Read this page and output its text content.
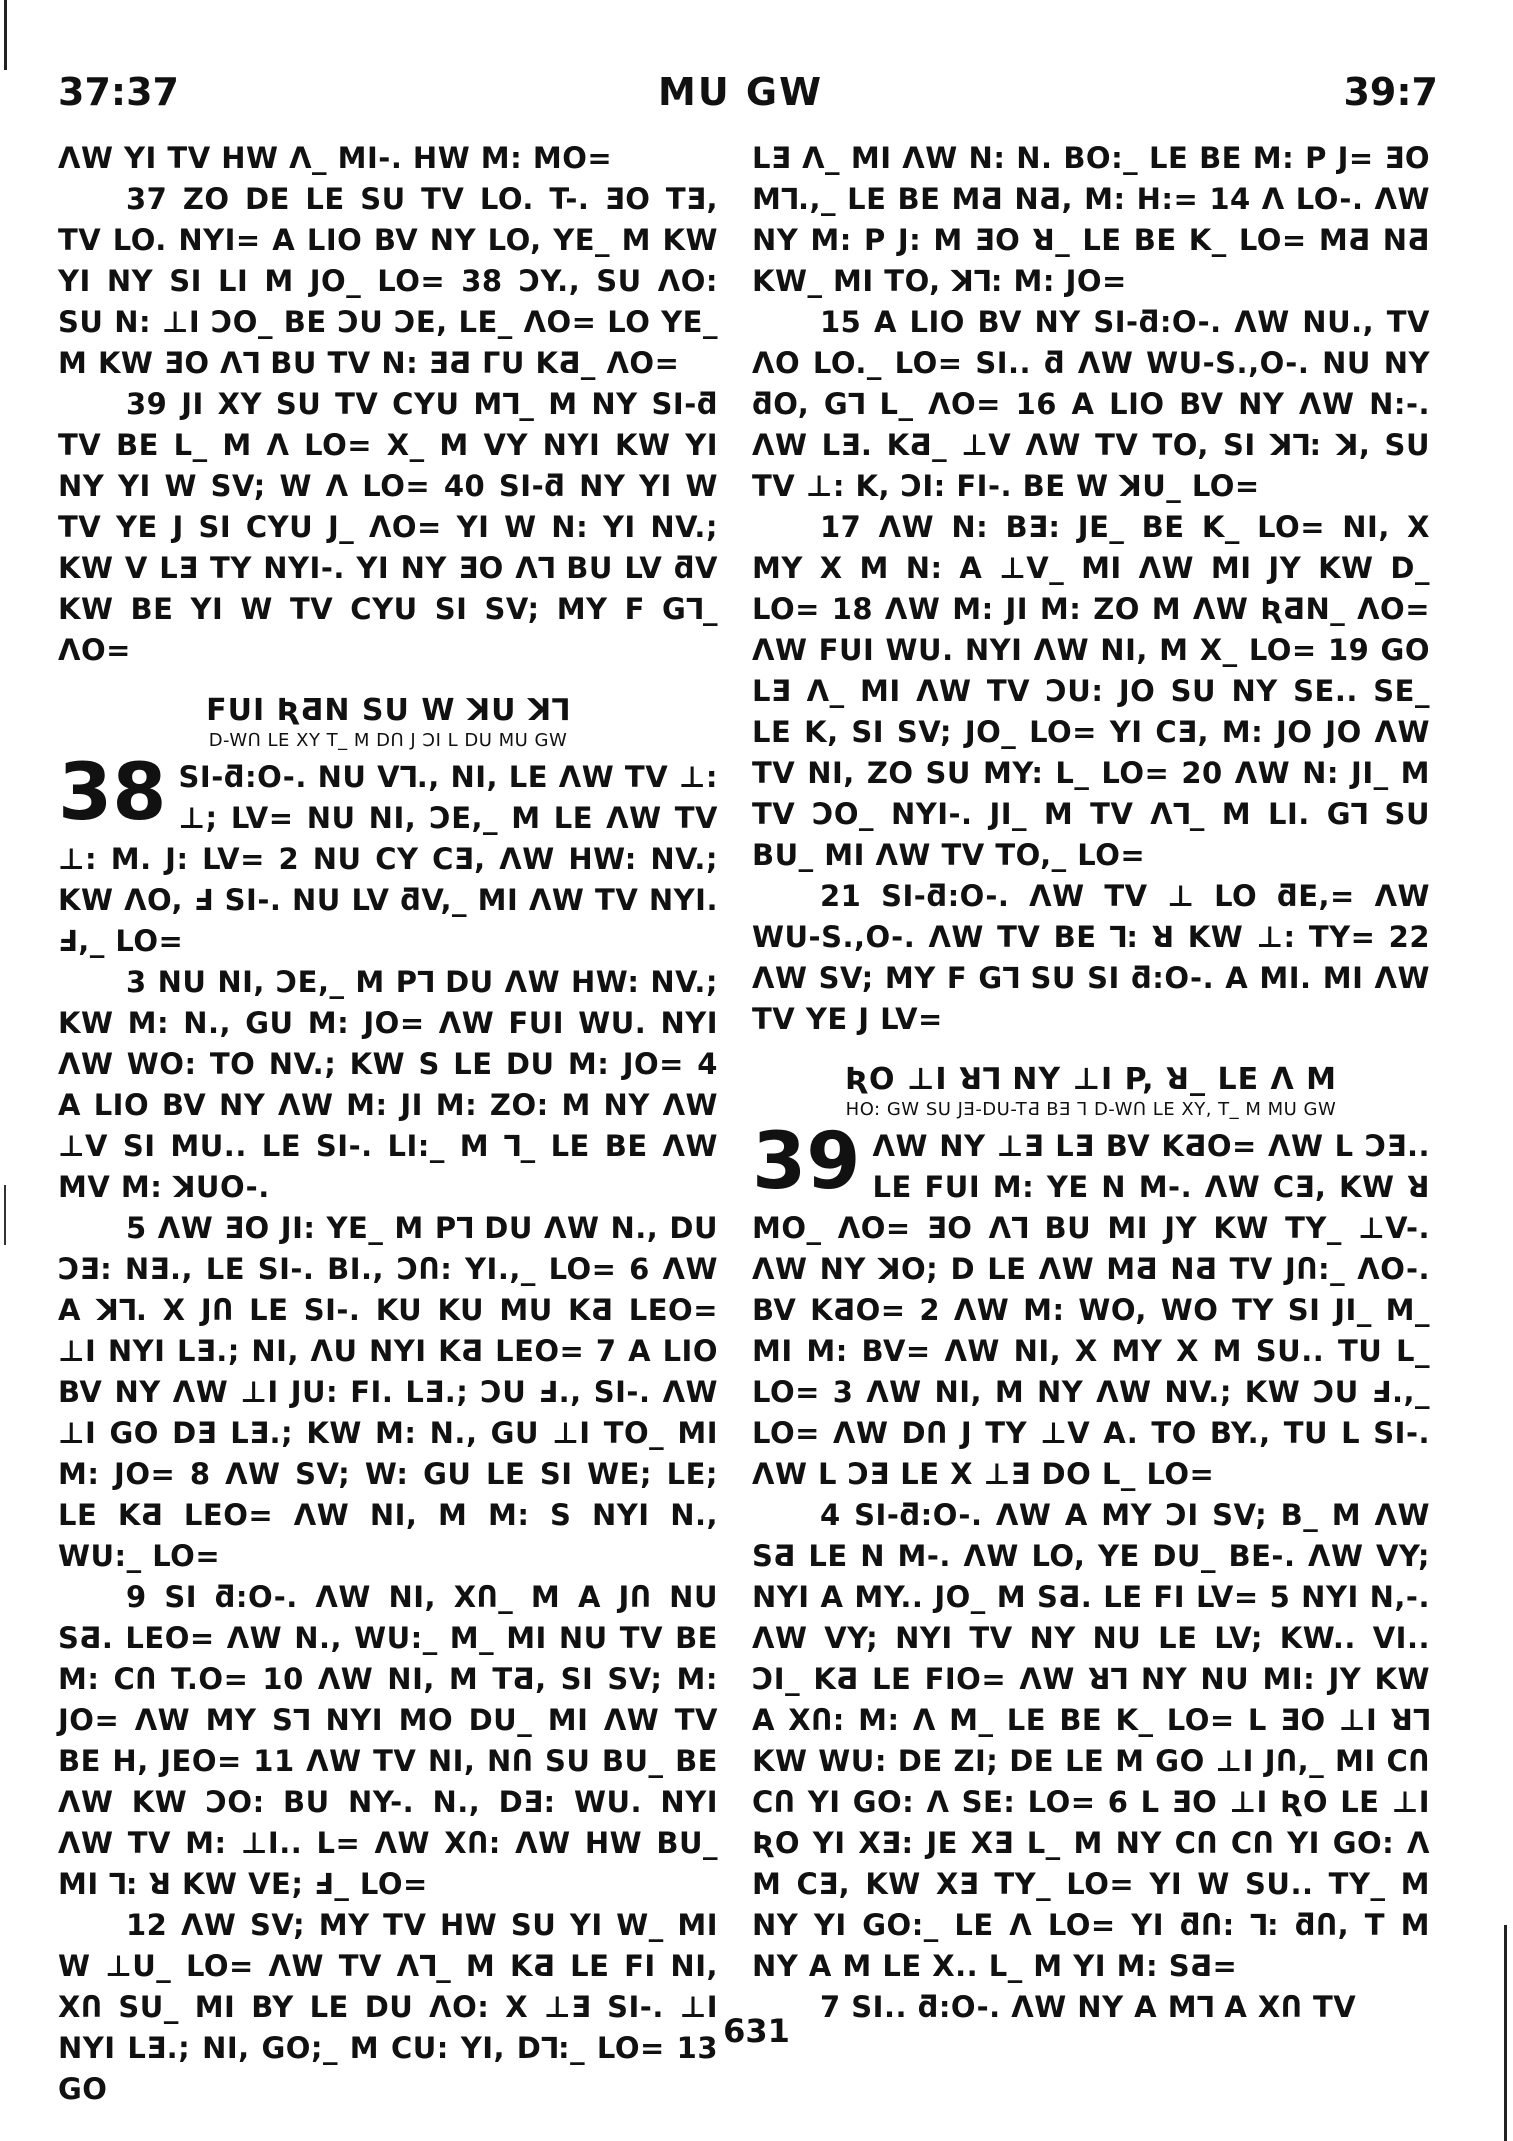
37:37	MU GW	39:7

ɅW YI TV HW Ʌ_ MI-. HW M: MO=

37 ZO DE LE SU TV LO. T-. ƎO TƎ, TV LO. NYI= A LIO BV NY LO, YE_ M KW YI NY SI LI M JO_ LO= 38 ƆY., SU ɅO: SU N: ⊥I ƆO_ BE ƆU ƆE, LE_ ɅO= LO YE_ M KW ƎO Ʌ⅂ BU TV N: ƎƋ ᒥU KƋ_ ɅO=

39 JI XY SU TV CYU M⅂_ M NY SI-ƌ TV BE L_ M Ʌ LO= X_ M VY NYI KW YI NY YI W SV; W Ʌ LO= 40 SI-ƌ NY YI W TV YE J SI CYU J_ ɅO= YI W N: YI NV.; KW V LƎ TY NYI-. YI NY ƎO Ʌ⅂ BU LV ƌV KW BE YI W TV CYU SI SV; MY F G⅂_ ɅO=

FUI ƦƋN SU W ꓘU ꓘ⅂
D-WՈ LE XY T_ M DՈ J ƆI L DU MU GW
38 SI-ƌ:O-. NU V⅂., NI, LE ɅW TV ⊥: ⊥; LV= NU NI, ƆE,_ M LE ɅW TV ⊥: M. J: LV= 2 NU CY CƎ, ɅW HW: NV.; KW ɅO, Ⅎ SI-. NU LV ƌV,_ MI ɅW TV NYI. Ⅎ,_ LO=

3 NU NI, ƆE,_ M P⅂ DU ɅW HW: NV.; KW M: N., GU M: JO= ɅW FUI WU. NYI ɅW WO: TO NV.; KW S LE DU M: JO= 4 A LIO BV NY ɅW M: JI M: ZO: M NY ɅW ⊥V SI MU.. LE SI-. LI:_ M ⅂_ LE BE ɅW MV M: ꓘUO-.

5 ɅW ƎO JI: YE_ M P⅂ DU ɅW N., DU ƆƎ: NƎ., LE SI-. BI., ƆՈ: YI.,_ LO= 6 ɅW A ꓘ⅂. X JՈ LE SI-. KU KU MU KƋ LEO= ⊥I NYI LƎ.; NI, ɅU NYI KƋ LEO= 7 A LIO BV NY ɅW ⊥I JU: FI. LƎ.; ƆU Ⅎ., SI-. ɅW ⊥I GO DƎ LƎ.; KW M: N., GU ⊥I TO_ MI M: JO= 8 ɅW SV; W: GU LE SI WE; LE; LE KƋ LEO= ɅW NI, M M: S NYI N., WU:_ LO=

9 SI ƌ:O-. ɅW NI, XՈ_ M A JՈ NU SƋ. LEO= ɅW N., WU:_ M_ MI NU TV BE M: CՈ T.O= 10 ɅW NI, M TƋ, SI SV; M: JO= ɅW MY S⅂ NYI MO DU_ MI ɅW TV BE H, JEO= 11 ɅW TV NI, NՈ SU BU_ BE ɅW KW ƆO: BU NY-. N., DƎ: WU. NYI ɅW TV M: ⊥I.. L= ɅW XՈ: ɅW HW BU_ MI ⅂: ꓤ KW VE; Ⅎ_ LO=

12 ɅW SV; MY TV HW SU YI W_ MI W ⊥U_ LO= ɅW TV Ʌ⅂_ M KƋ LE FI NI, XՈ SU_ MI BY LE DU ɅO: X ⊥Ǝ SI-. ⊥I NYI LƎ.; NI, GO;_ M CU: YI, D⅂:_ LO= 13 GO

LƎ Ʌ_ MI ɅW N: N. BO:_ LE BE M: P J= ƎO M⅂.,_ LE BE MƋ NƋ, M: H:= 14 Ʌ LO-. ɅW NY M: P J: M ƎO ꓤ_ LE BE K_ LO= MƋ NƋ KW_ MI TO, ꓘ⅂: M: JO=

15 A LIO BV NY SI-ƌ:O-. ɅW NU., TV ɅO LO._ LO= SI.. ƌ ɅW WU-S.,O-. NU NY ƌO, G⅂ L_ ɅO= 16 A LIO BV NY ɅW N:-. ɅW LƎ. KƋ_ ⊥V ɅW TV TO, SI ꓘ⅂: ꓘ, SU TV ⊥: K, ƆI: FI-. BE W ꓘU_ LO=

17 ɅW N: BƎ: JE_ BE K_ LO= NI, X MY X M N: A ⊥V_ MI ɅW MI JY KW D_ LO= 18 ɅW M: JI M: ZO M ɅW ƦƋN_ ɅO= ɅW FUI WU. NYI ɅW NI, M X_ LO= 19 GO LƎ Ʌ_ MI ɅW TV ƆU: JO SU NY SE.. SE_ LE K, SI SV; JO_ LO= YI CƎ, M: JO JO ɅW TV NI, ZO SU MY: L_ LO= 20 ɅW N: JI_ M TV ƆO_ NYI-. JI_ M TV Ʌ⅂_ M LI. G⅂ SU BU_ MI ɅW TV TO,_ LO=

21 SI-ƌ:O-. ɅW TV ⊥ LO ƌE,= ɅW WU-S.,O-. ɅW TV BE ⅂: ꓤ KW ⊥: TY= 22 ɅW SV; MY F G⅂ SU SI ƌ:O-. A MI. MI ɅW TV YE J LV=

ƦO ⊥I ꓤ⅂ NY ⊥I P, ꓤ_ LE Ʌ M
HO: GW SU JƎ-DU-TƋ BƎ ⅂ D-WՈ LE XY, T_ M MU GW
39 ɅW NY ⊥Ǝ LƎ BV KƋO= ɅW L ƆƎ.. LE FUI M: YE N M-. ɅW CƎ, KW ꓤ MO_ ɅO= ƎO Ʌ⅂ BU MI JY KW TY_ ⊥V-. ɅW NY ꓘO; D LE ɅW MƋ NƋ TV JՈ:_ ɅO-. BV KƋO= 2 ɅW M: WO, WO TY SI JI_ M_ MI M: BV= ɅW NI, X MY X M SU.. TU L_ LO= 3 ɅW NI, M NY ɅW NV.; KW ƆU Ⅎ.,_ LO= ɅW DՈ J TY ⊥V A. TO BY., TU L SI-. ɅW L ƆƎ LE X ⊥Ǝ DO L_ LO=

4 SI-ƌ:O-. ɅW A MY ƆI SV; B_ M ɅW SƋ LE N M-. ɅW LO, YE DU_ BE-. ɅW VY; NYI A MY.. JO_ M SƋ. LE FI LV= 5 NYI N,-. ɅW VY; NYI TV NY NU LE LV; KW.. VI.. ƆI_ KƋ LE FIO= ɅW ꓤ⅂ NY NU MI: JY KW A XՈ: M: Ʌ M_ LE BE K_ LO= L ƎO ⊥I ꓤ⅂ KW WU: DE ZI; DE LE M GO ⊥I JՈ,_ MI CՈ CՈ YI GO: Ʌ SE: LO= 6 L ƎO ⊥I ƦO LE ⊥I ƦO YI XƎ: JE XƎ L_ M NY CՈ CՈ YI GO: Ʌ M CƎ, KW XƎ TY_ LO= YI W SU.. TY_ M NY YI GO:_ LE Ʌ LO= YI ƌՈ: ⅂: ƌՈ, T M NY A M LE X.. L_ M YI M: SƋ=

7 SI.. ƌ:O-. ɅW NY A M⅂ A XՈ TV

631
